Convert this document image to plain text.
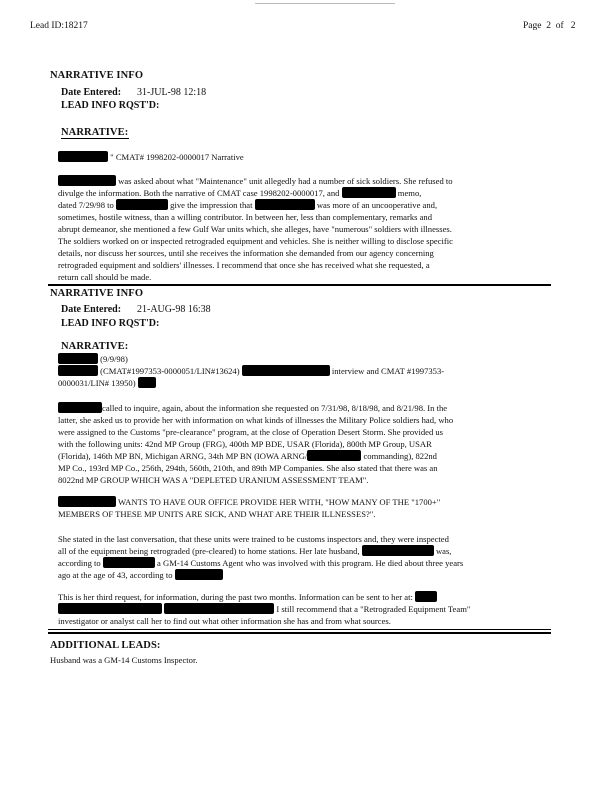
Lead ID:18217	Page 2 of 2
NARRATIVE INFO
Date Entered: 31-JUL-98 12:18
LEAD INFO RQST'D:
NARRATIVE:
" CMAT# 1998202-0000017 Narrative
was asked about what "Maintenance" unit allegedly had a number of sick soldiers. She refused to
divulge the information. Both the narrative of CMAT case 1998202-0000017, and	memo,
dated 7/29/98 to	give the impression that	was more of an uncooperative and,
sometimes, hostile witness, than a willing contributor. In between her, less than complementary, remarks and
abrupt demeanor, she mentioned a few Gulf War units which, she alleges, have "numerous" soldiers with illnesses.
The soldiers worked on or inspected retrograded equipment and vehicles. She is neither willing to disclose specific
details, nor discuss her sources, until she receives the information she demanded from our agency concerning
retrograded equipment and soldiers' illnesses. I recommend that once she has received what she requested, a
return call should be made.
NARRATIVE INFO
Date Entered: 21-AUG-98 16:38
LEAD INFO RQST'D:
NARRATIVE:
(9/9/98)
(CMAT#1997353-0000051/LIN#13624)	interview and CMAT #1997353-
0000031/LIN# 13950)
called to inquire, again, about the information she requested on 7/31/98, 8/18/98, and 8/21/98. In the
latter, she asked us to provide her with information on what kinds of illnesses the Military Police soldiers had, who
were assigned to the Customs "pre-clearance" program, at the close of Operation Desert Storm. She provided us
with the following units: 42nd MP Group (FRG), 400th MP BDE, USAR (Florida), 800th MP Group, USAR
(Florida), 146th MP BN, Michigan ARNG, 34th MP BN (IOWA ARNG/	commanding), 822nd
MP Co., 193rd MP Co., 256th, 294th, 560th, 210th, and 89th MP Companies. She also stated that there was an
8022nd MP GROUP WHICH WAS A "DEPLETED URANIUM ASSESSMENT TEAM".
WANTS TO HAVE OUR OFFICE PROVIDE HER WITH, "HOW MANY OF THE "1700+"
MEMBERS OF THESE MP UNITS ARE SICK, AND WHAT ARE THEIR ILLNESSES?".
She stated in the last conversation, that these units were trained to be customs inspectors and, they were inspected
all of the equipment being retrograded (pre-cleared) to home stations. Her late husband,	was,
according to	a GM-14 Customs Agent who was involved with this program. He died about three years
ago at the age of 43, according to
This is her third request, for information, during the past two months. Information can be sent to her at:
I still recommend that a "Retrograded Equipment Team"
investigator or analyst call her to find out what other information she has and from what sources.
ADDITIONAL LEADS:
Husband was a GM-14 Customs Inspector.
